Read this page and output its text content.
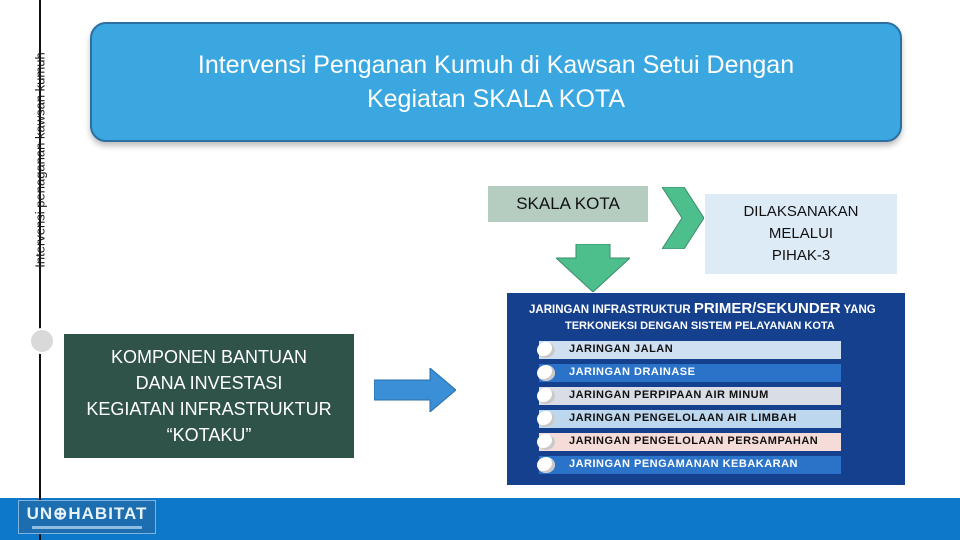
Intervensi penaganan kawsan kumuh	Intervensi Penganan Kumuh di Kawsan Setui Dengan
Kegiatan SKALA KOTA
SKALA KOTA	DILAKSANAKAN
MELALUI
PIHAK-3
KOMPONEN BANTUAN
DANA INVESTASI
KEGIATAN INFRASTRUKTUR
“KOTAKU”
JARINGAN INFRASTRUKTUR PRIMER/SEKUNDER YANG
TERKONEKSI DENGAN SISTEM PELAYANAN KOTA
JARINGAN JALAN
JARINGAN DRAINASE
JARINGAN PERPIPAAN AIR MINUM
JARINGAN PENGELOLAAN AIR LIMBAH
JARINGAN PENGELOLAAN PERSAMPAHAN
JARINGAN PENGAMANAN KEBAKARAN
UN⊕HABITAT
